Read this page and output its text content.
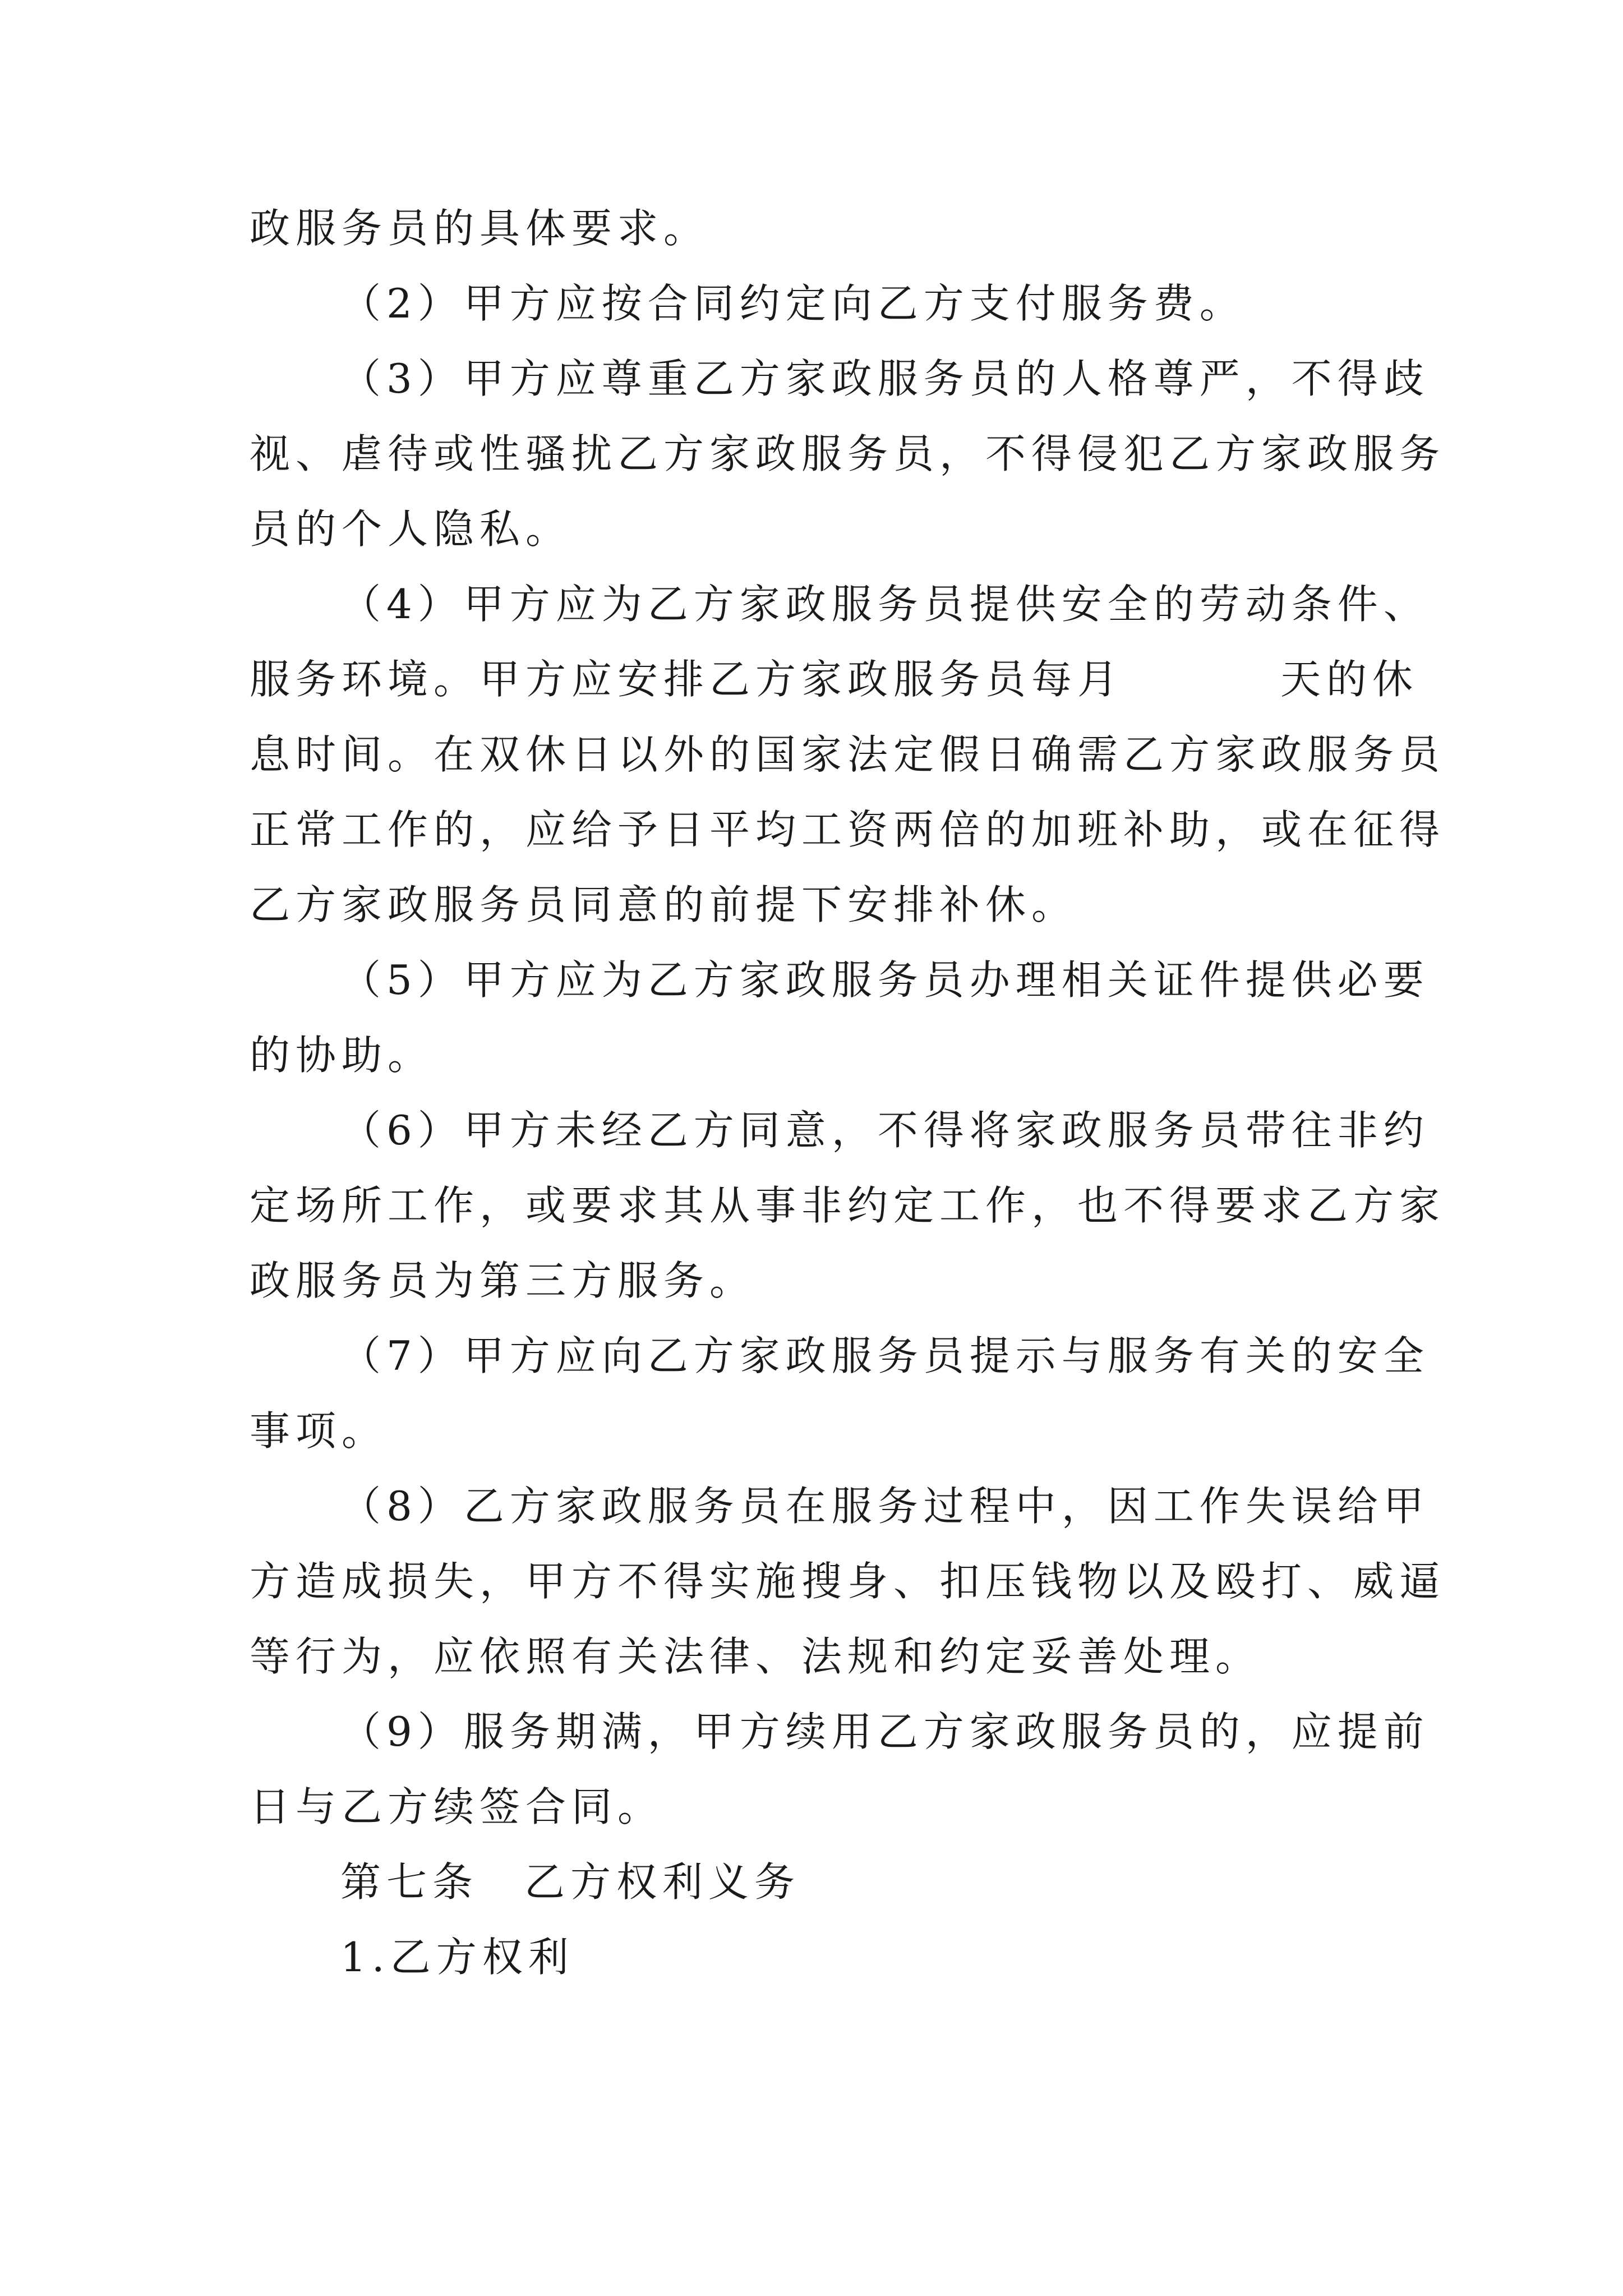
政服务员的具体要求。
（2）甲方应按合同约定向乙方支付服务费。
（3）甲方应尊重乙方家政服务员的人格尊严，不得歧
视、虐待或性骚扰乙方家政服务员，不得侵犯乙方家政服务
员的个人隐私。
（4）甲方应为乙方家政服务员提供安全的劳动条件、
服务环境。甲方应安排乙方家政服务员每月	天的休
息时间。在双休日以外的国家法定假日确需乙方家政服务员
正常工作的，应给予日平均工资两倍的加班补助，或在征得
乙方家政服务员同意的前提下安排补休。
（5）甲方应为乙方家政服务员办理相关证件提供必要
的协助。
（6）甲方未经乙方同意，不得将家政服务员带往非约
定场所工作，或要求其从事非约定工作，也不得要求乙方家
政服务员为第三方服务。
（7）甲方应向乙方家政服务员提示与服务有关的安全
事项。
（8）乙方家政服务员在服务过程中，因工作失误给甲
方造成损失，甲方不得实施搜身、扣压钱物以及殴打、威逼
等行为，应依照有关法律、法规和约定妥善处理。
（9）服务期满，甲方续用乙方家政服务员的，应提前
日与乙方续签合同。
第七条　乙方权利义务
1.乙方权利
